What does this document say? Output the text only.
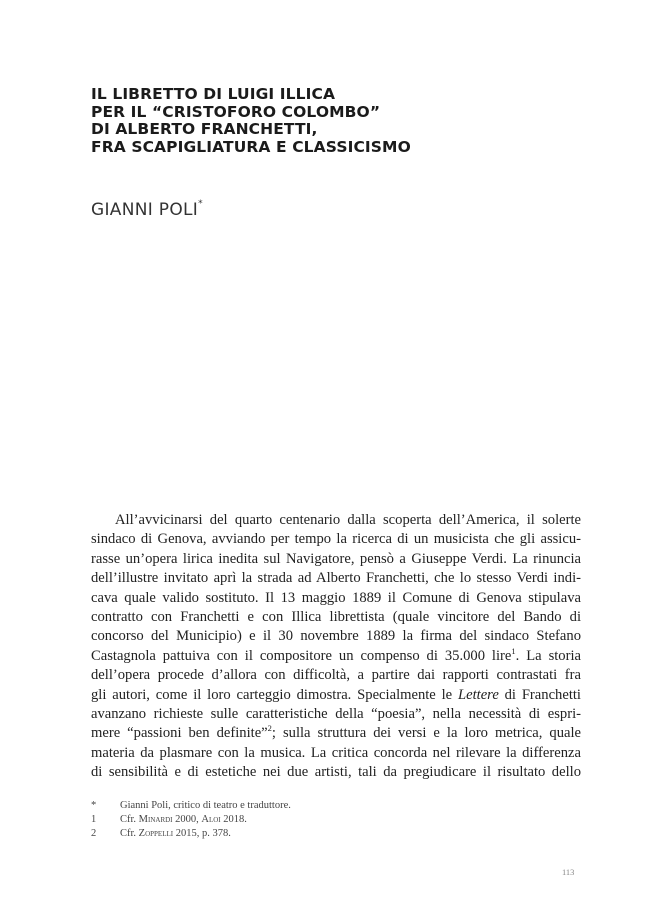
IL LIBRETTO DI LUIGI ILLICA
PER IL “CRISTOFORO COLOMBO”
DI ALBERTO FRANCHETTI,
FRA SCAPIGLIATURA E CLASSICISMO
GIANNI POLI*
All’avvicinarsi del quarto centenario dalla scoperta dell’America, il solerte
sindaco di Genova, avviando per tempo la ricerca di un musicista che gli assicu-
rasse un’opera lirica inedita sul Navigatore, pensò a Giuseppe Verdi. La rinuncia
dell’illustre invitato aprì la strada ad Alberto Franchetti, che lo stesso Verdi indi-
cava quale valido sostituto. Il 13 maggio 1889 il Comune di Genova stipulava
contratto con Franchetti e con Illica librettista (quale vincitore del Bando di
concorso del Municipio) e il 30 novembre 1889 la firma del sindaco Stefano
Castagnola pattuiva con il compositore un compenso di 35.000 lire$^1$. La storia
dell’opera procede d’allora con difficoltà, a partire dai rapporti contrastati fra
gli autori, come il loro carteggio dimostra. Specialmente le Lettere di Franchetti
avanzano richieste sulle caratteristiche della “poesia”, nella necessità di espri-
mere “passioni ben definite”$^2$; sulla struttura dei versi e la loro metrica, quale
materia da plasmare con la musica. La critica concorda nel rilevare la differenza
di sensibilità e di estetiche nei due artisti, tali da pregiudicare il risultato dello
*	Gianni Poli, critico di teatro e traduttore.
1	Cfr. Minardi 2000, Aloi 2018.
2	Cfr. Zoppelli 2015, p. 378.
113
